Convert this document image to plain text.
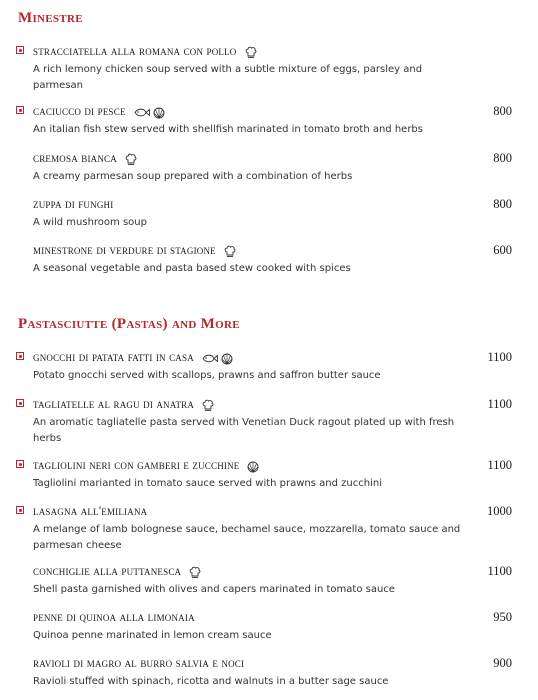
Minestre
stracciatella alla romana con pollo
A rich lemony chicken soup served with a subtle mixture of eggs, parsley and parmesan
caciucco di pesce	800
An italian fish stew served with shellfish marinated in tomato broth and herbs
cremosa bianca	800
A creamy parmesan soup prepared with a combination of herbs
zuppa di funghi	800
A wild mushroom soup
minestrone di verdure di stagione	600
A seasonal vegetable and pasta based stew cooked with spices
Pastasciutte (Pastas) and More
gnocchi di patata fatti in casa	1100
Potato gnocchi served with scallops, prawns and saffron butter sauce
tagliatelle al ragu di anatra	1100
An aromatic tagliatelle pasta served with Venetian Duck ragout plated up with fresh herbs
tagliolini neri con gamberi e zucchine	1100
Tagliolini marianted in tomato sauce served with prawns and zucchini
lasagna all'emiliana	1000
A melange of lamb bolognese sauce, bechamel sauce, mozzarella, tomato sauce and parmesan cheese
conchiglie alla puttanesca	1100
Shell pasta garnished with olives and capers marinated in tomato sauce
penne di quinoa alla limonaia	950
Quinoa penne marinated in lemon cream sauce
ravioli di magro al burro salvia e noci	900
Ravioli stuffed with spinach, ricotta and walnuts in a butter sage sauce
